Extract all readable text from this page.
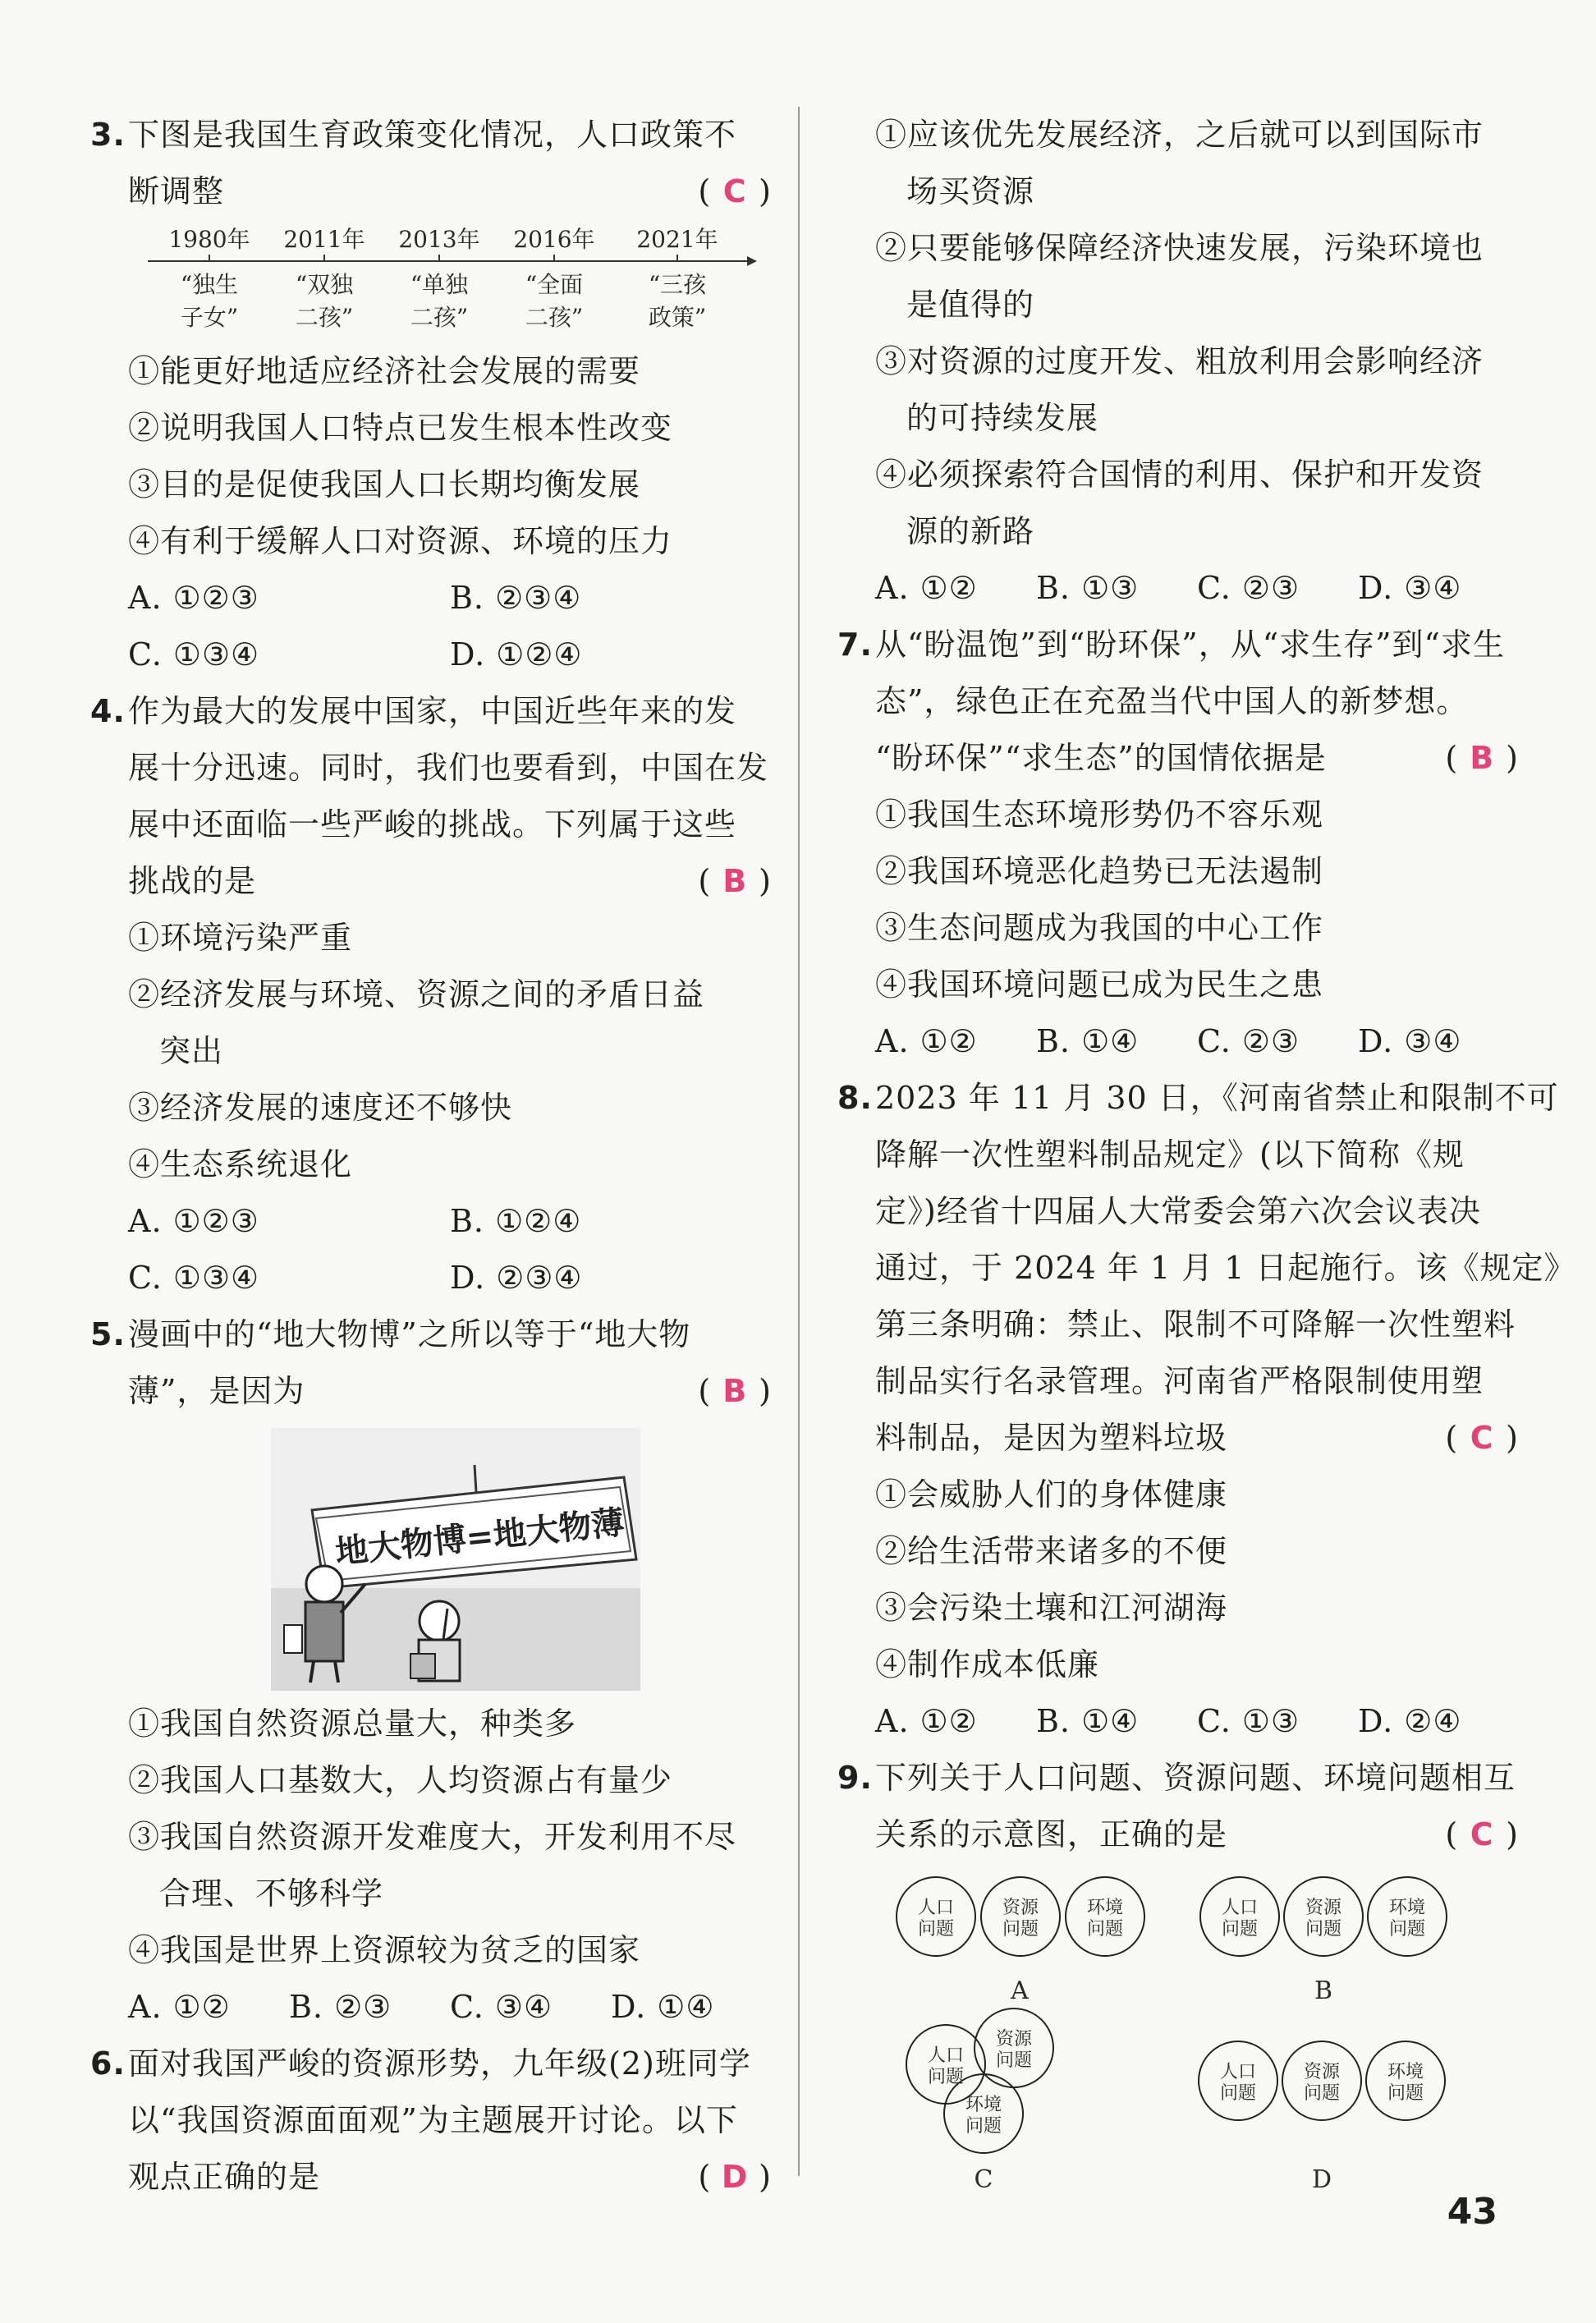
3.下图是我国生育政策变化情况，人口政策不
断调整	( C )
1980年
“独生
子女”
2011年
“双独
二孩”
2013年
“单独
二孩”
2016年
“全面
二孩”
2021年
“三孩
政策”
①能更好地适应经济社会发展的需要
②说明我国人口特点已发生根本性改变
③目的是促使我国人口长期均衡发展
④有利于缓解人口对资源、环境的压力
A. ①②③	B. ②③④
C. ①③④	D. ①②④
4.作为最大的发展中国家，中国近些年来的发
展十分迅速。同时，我们也要看到，中国在发
展中还面临一些严峻的挑战。下列属于这些
挑战的是	( B )
①环境污染严重
②经济发展与环境、资源之间的矛盾日益
突出
③经济发展的速度还不够快
④生态系统退化
A. ①②③	B. ①②④
C. ①③④	D. ②③④
5.漫画中的“地大物博”之所以等于“地大物
薄”，是因为	( B )
地大物博=地大物薄
①我国自然资源总量大，种类多
②我国人口基数大，人均资源占有量少
③我国自然资源开发难度大，开发利用不尽
合理、不够科学
④我国是世界上资源较为贫乏的国家
A. ①②	B. ②③	C. ③④	D. ①④
6.面对我国严峻的资源形势，九年级(2)班同学
以“我国资源面面观”为主题展开讨论。以下
观点正确的是	( D )
①应该优先发展经济，之后就可以到国际市
场买资源
②只要能够保障经济快速发展，污染环境也
是值得的
③对资源的过度开发、粗放利用会影响经济
的可持续发展
④必须探索符合国情的利用、保护和开发资
源的新路
A. ①②	B. ①③	C. ②③	D. ③④
7.从“盼温饱”到“盼环保”，从“求生存”到“求生
态”，绿色正在充盈当代中国人的新梦想。
“盼环保”“求生态”的国情依据是	( B )
①我国生态环境形势仍不容乐观
②我国环境恶化趋势已无法遏制
③生态问题成为我国的中心工作
④我国环境问题已成为民生之患
A. ①②	B. ①④	C. ②③	D. ③④
8.2023 年 11 月 30 日，《河南省禁止和限制不可
降解一次性塑料制品规定》(以下简称《规
定》)经省十四届人大常委会第六次会议表决
通过，于 2024 年 1 月 1 日起施行。该《规定》
第三条明确：禁止、限制不可降解一次性塑料
制品实行名录管理。河南省严格限制使用塑
料制品，是因为塑料垃圾	( C )
①会威胁人们的身体健康
②给生活带来诸多的不便
③会污染土壤和江河湖海
④制作成本低廉
A. ①②	B. ①④	C. ①③	D. ②④
9.下列关于人口问题、资源问题、环境问题相互
关系的示意图，正确的是	( C )
人口
问题
资源
问题
环境
问题
A
人口
问题
资源
问题
环境
问题
B
人口
问题
资源
问题
环境
问题
C
人口
问题
资源
问题
环境
问题
D
43
